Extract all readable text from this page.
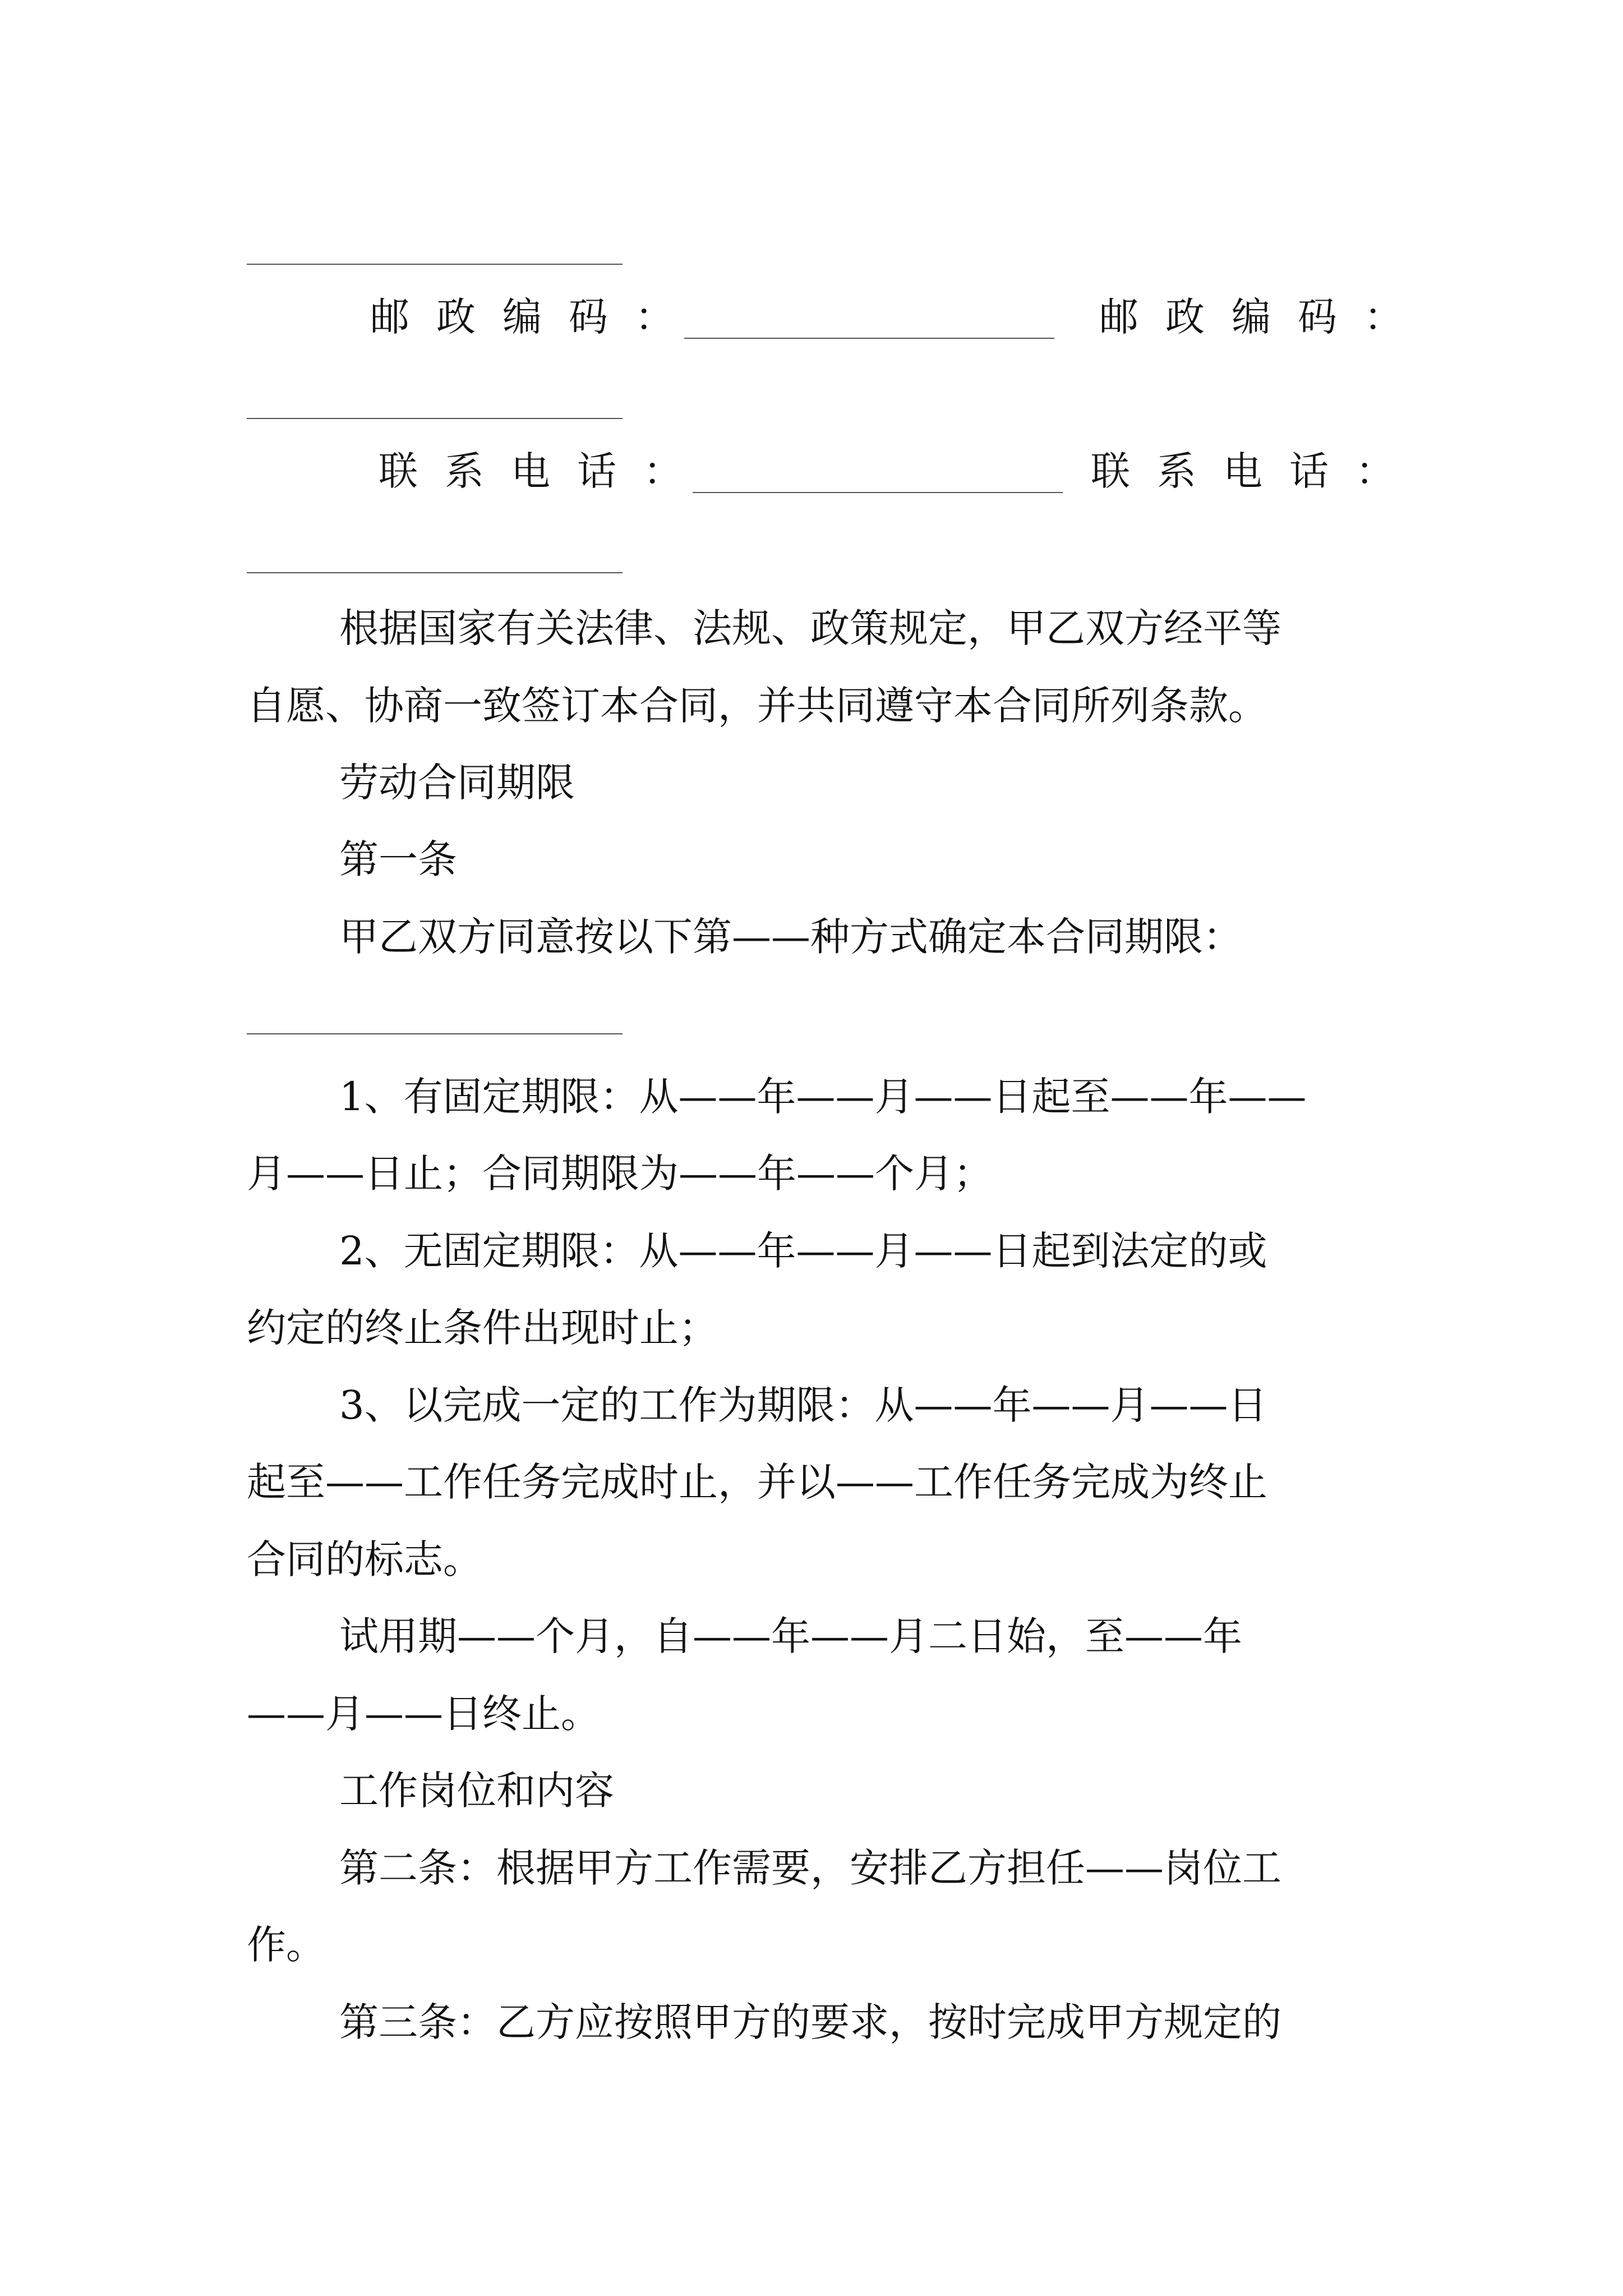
邮政编码：	邮政编码：
联系电话：	联系电话：
根据国家有关法律、法规、政策规定，甲乙双方经平等
自愿、协商一致签订本合同，并共同遵守本合同所列条款。
劳动合同期限
第一条
甲乙双方同意按以下第——种方式确定本合同期限：
1、有固定期限：从——年——月——日起至——年——
月——日止；合同期限为——年——个月；
2、无固定期限：从——年——月——日起到法定的或
约定的终止条件出现时止；
3、以完成一定的工作为期限：从——年——月——日
起至——工作任务完成时止，并以——工作任务完成为终止
合同的标志。
试用期——个月，自——年——月二日始，至——年
——月——日终止。
工作岗位和内容
第二条：根据甲方工作需要，安排乙方担任——岗位工
作。
第三条：乙方应按照甲方的要求，按时完成甲方规定的
